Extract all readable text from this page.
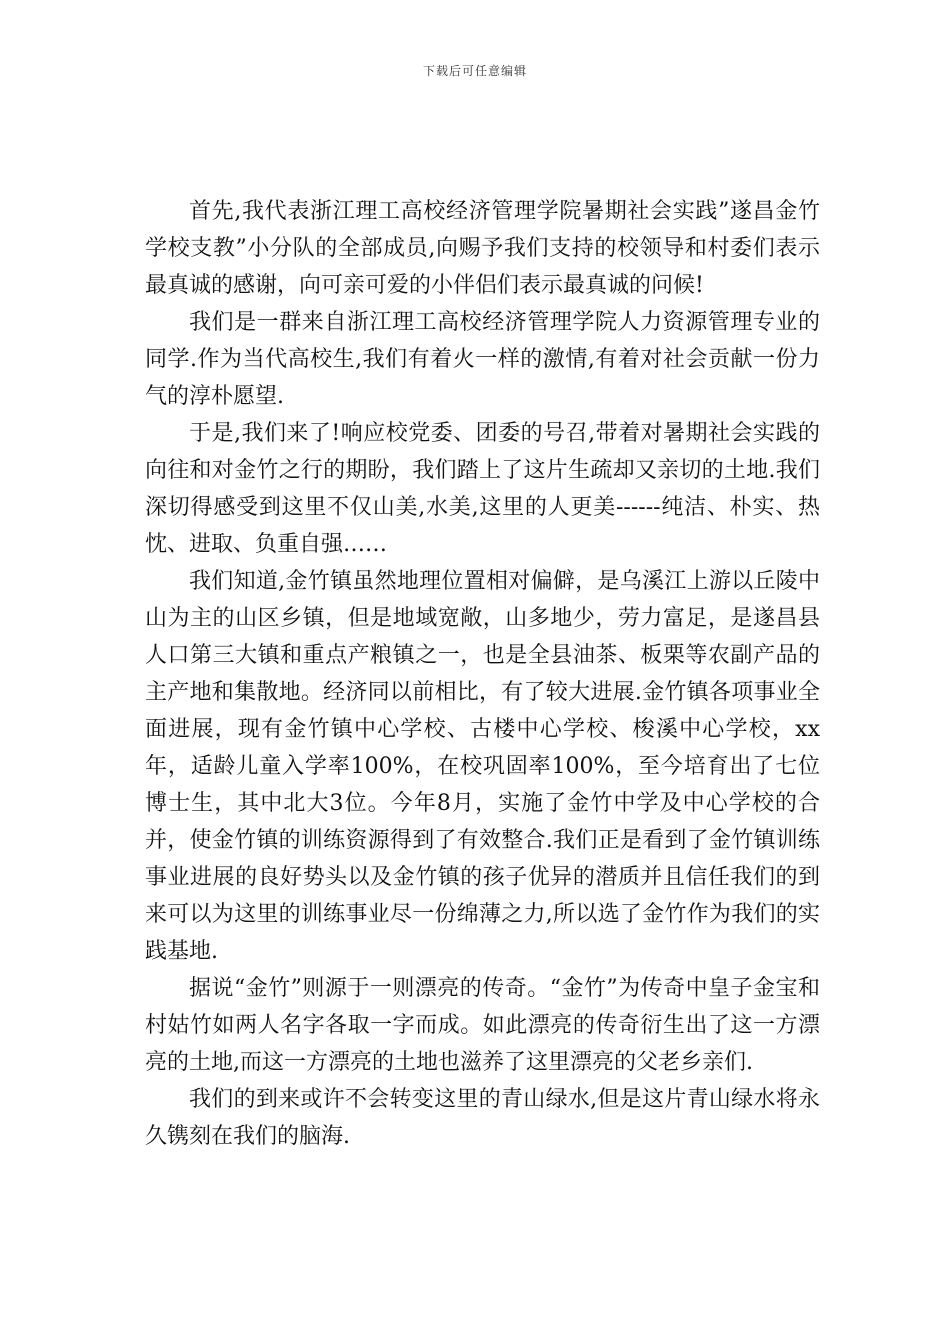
下载后可任意编辑

首先,我代表浙江理工高校经济管理学院暑期社会实践”遂昌金竹学校支教”小分队的全部成员,向赐予我们支持的校领导和村委们表示最真诚的感谢，向可亲可爱的小伴侣们表示最真诚的问候!

我们是一群来自浙江理工高校经济管理学院人力资源管理专业的同学.作为当代高校生,我们有着火一样的激情,有着对社会贡献一份力气的淳朴愿望.

于是,我们来了!响应校党委、团委的号召,带着对暑期社会实践的向往和对金竹之行的期盼，我们踏上了这片生疏却又亲切的土地.我们深切得感受到这里不仅山美,水美,这里的人更美------纯洁、朴实、热忱、进取、负重自强……

我们知道,金竹镇虽然地理位置相对偏僻，是乌溪江上游以丘陵中山为主的山区乡镇，但是地域宽敞，山多地少，劳力富足，是遂昌县人口第三大镇和重点产粮镇之一，也是全县油茶、板栗等农副产品的主产地和集散地。经济同以前相比，有了较大进展.金竹镇各项事业全面进展，现有金竹镇中心学校、古楼中心学校、梭溪中心学校，xx年，适龄儿童入学率100%，在校巩固率100%，至今培育出了七位博士生，其中北大3位。今年8月，实施了金竹中学及中心学校的合并，使金竹镇的训练资源得到了有效整合.我们正是看到了金竹镇训练事业进展的良好势头以及金竹镇的孩子优异的潜质并且信任我们的到来可以为这里的训练事业尽一份绵薄之力,所以选了金竹作为我们的实践基地.

据说“金竹”则源于一则漂亮的传奇。“金竹”为传奇中皇子金宝和村姑竹如两人名字各取一字而成。如此漂亮的传奇衍生出了这一方漂亮的土地,而这一方漂亮的土地也滋养了这里漂亮的父老乡亲们.

我们的到来或许不会转变这里的青山绿水,但是这片青山绿水将永久镌刻在我们的脑海.
